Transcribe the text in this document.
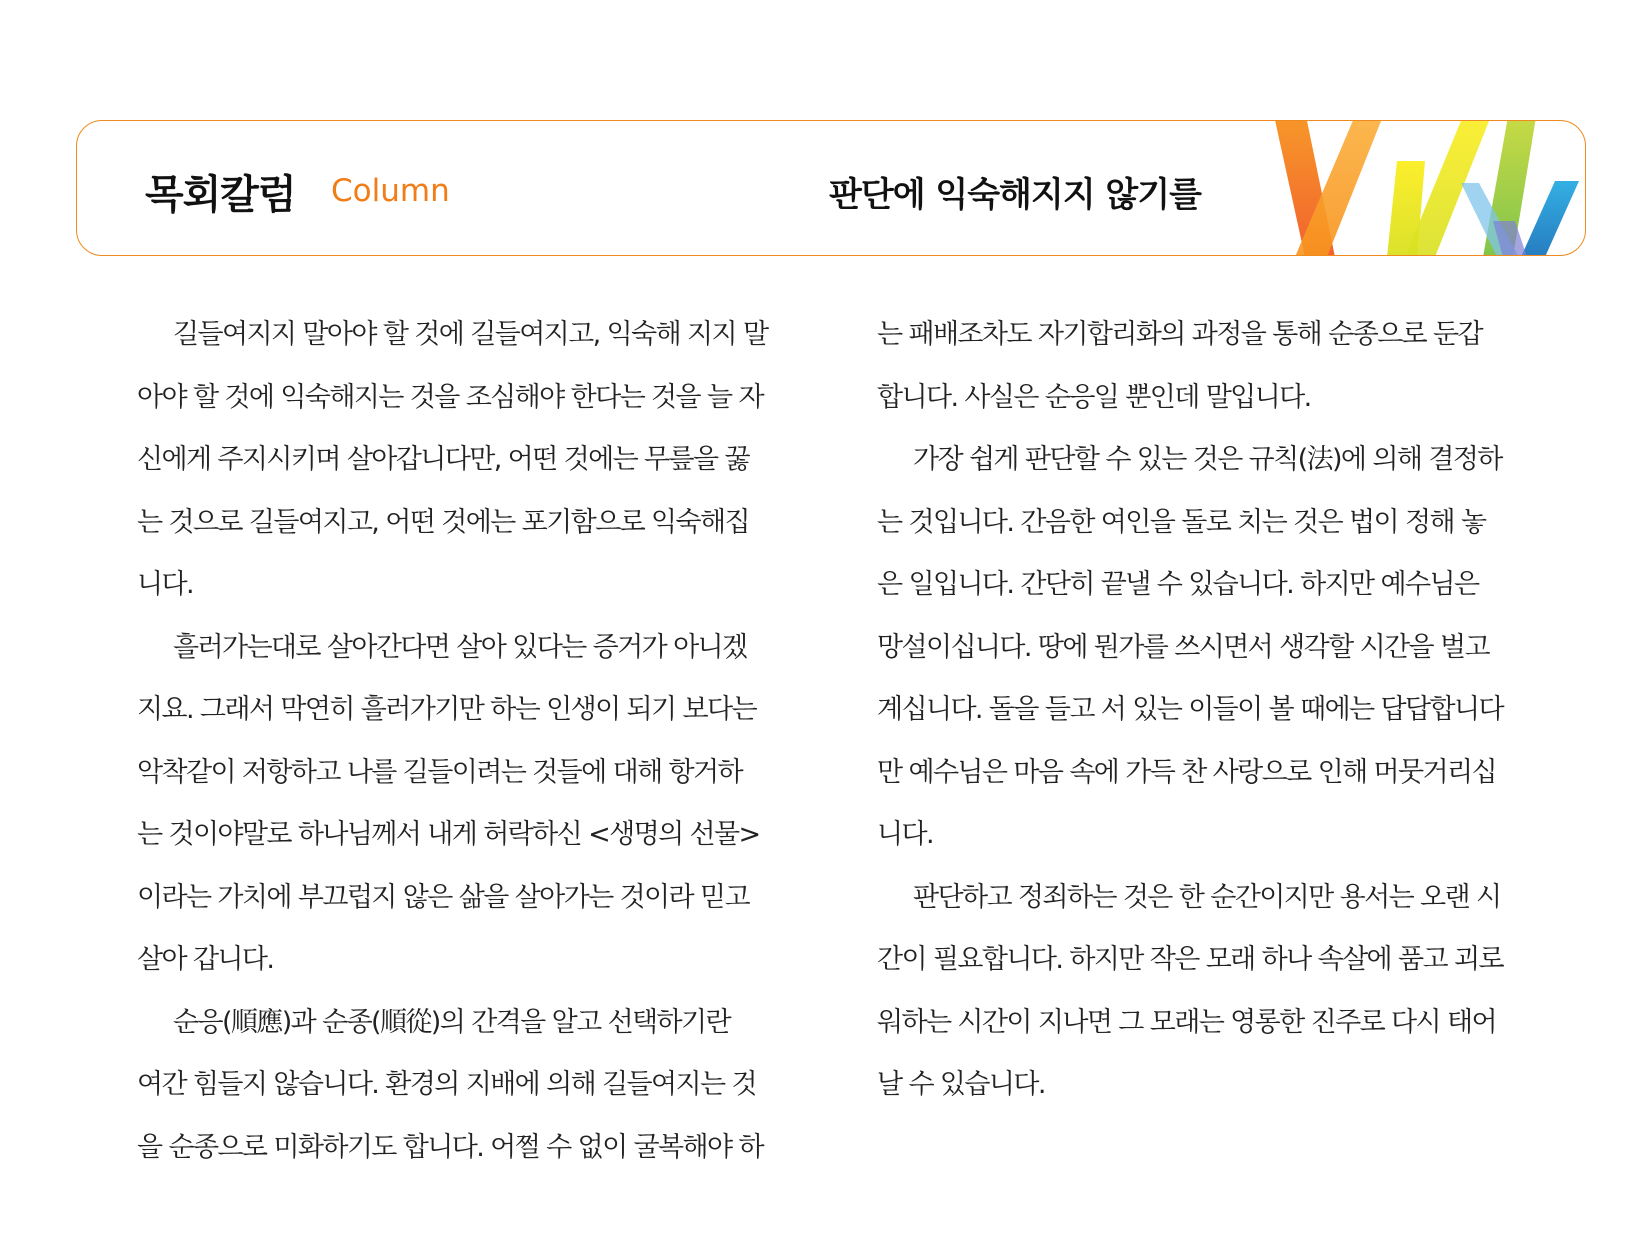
목회칼럼 Column	판단에 익숙해지지 않기를
길들여지지 말아야 할 것에 길들여지고, 익숙해 지지 말
아야 할 것에 익숙해지는 것을 조심해야 한다는 것을 늘 자
신에게 주지시키며 살아갑니다만, 어떤 것에는 무릎을 꿇
는 것으로 길들여지고, 어떤 것에는 포기함으로 익숙해집
니다.
흘러가는대로 살아간다면 살아 있다는 증거가 아니겠
지요. 그래서 막연히 흘러가기만 하는 인생이 되기 보다는
악착같이 저항하고 나를 길들이려는 것들에 대해 항거하
는 것이야말로 하나님께서 내게 허락하신 <생명의 선물>
이라는 가치에 부끄럽지 않은 삶을 살아가는 것이라 믿고
살아 갑니다.
순응(順應)과 순종(順從)의 간격을 알고 선택하기란
여간 힘들지 않습니다. 환경의 지배에 의해 길들여지는 것
을 순종으로 미화하기도 합니다. 어쩔 수 없이 굴복해야 하
는 패배조차도 자기합리화의 과정을 통해 순종으로 둔갑
합니다. 사실은 순응일 뿐인데 말입니다.
가장 쉽게 판단할 수 있는 것은 규칙(法)에 의해 결정하
는 것입니다. 간음한 여인을 돌로 치는 것은 법이 정해 놓
은 일입니다. 간단히 끝낼 수 있습니다. 하지만 예수님은
망설이십니다. 땅에 뭔가를 쓰시면서 생각할 시간을 벌고
계십니다. 돌을 들고 서 있는 이들이 볼 때에는 답답합니다
만 예수님은 마음 속에 가득 찬 사랑으로 인해 머뭇거리십
니다.
판단하고 정죄하는 것은 한 순간이지만 용서는 오랜 시
간이 필요합니다. 하지만 작은 모래 하나 속살에 품고 괴로
워하는 시간이 지나면 그 모래는 영롱한 진주로 다시 태어
날 수 있습니다.
